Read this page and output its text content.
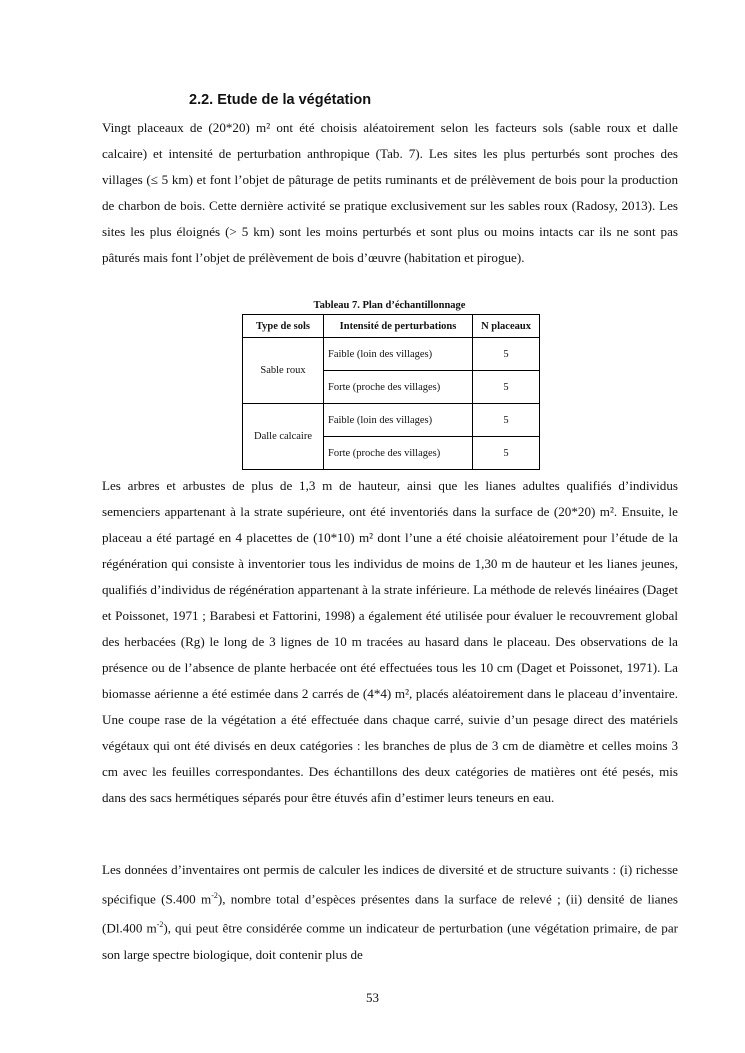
2.2. Etude de la végétation

Vingt placeaux de (20*20) m² ont été choisis aléatoirement selon les facteurs sols (sable roux et dalle calcaire) et intensité de perturbation anthropique (Tab. 7). Les sites les plus perturbés sont proches des villages (≤ 5 km) et font l’objet de pâturage de petits ruminants et de prélèvement de bois pour la production de charbon de bois. Cette dernière activité se pratique exclusivement sur les sables roux (Radosy, 2013). Les sites les plus éloignés (> 5 km) sont les moins perturbés et sont plus ou moins intacts car ils ne sont pas pâturés mais font l’objet de prélèvement de bois d’œuvre (habitation et pirogue).

Tableau 7. Plan d’échantillonnage
Type de sols	Intensité de perturbations	N placeaux
Sable roux	Faible (loin des villages)	5
	Forte (proche des villages)	5
Dalle calcaire	Faible (loin des villages)	5
	Forte (proche des villages)	5

Les arbres et arbustes de plus de 1,3 m de hauteur, ainsi que les lianes adultes qualifiés d’individus semenciers appartenant à la strate supérieure, ont été inventoriés dans la surface de (20*20) m². Ensuite, le placeau a été partagé en 4 placettes de (10*10) m² dont l’une a été choisie aléatoirement pour l’étude de la régénération qui consiste à inventorier tous les individus de moins de 1,30 m de hauteur et les lianes jeunes, qualifiés d’individus de régénération appartenant à la strate inférieure. La méthode de relevés linéaires (Daget et Poissonet, 1971 ; Barabesi et Fattorini, 1998) a également été utilisée pour évaluer le recouvrement global des herbacées (Rg) le long de 3 lignes de 10 m tracées au hasard dans le placeau. Des observations de la présence ou de l’absence de plante herbacée ont été effectuées tous les 10 cm (Daget et Poissonet, 1971). La biomasse aérienne a été estimée dans 2 carrés de (4*4) m², placés aléatoirement dans le placeau d’inventaire. Une coupe rase de la végétation a été effectuée dans chaque carré, suivie d’un pesage direct des matériels végétaux qui ont été divisés en deux catégories : les branches de plus de 3 cm de diamètre et celles moins 3 cm avec les feuilles correspondantes. Des échantillons des deux catégories de matières ont été pesés, mis dans des sacs hermétiques séparés pour être étuvés afin d’estimer leurs teneurs en eau.

Les données d’inventaires ont permis de calculer les indices de diversité et de structure suivants : (i) richesse spécifique (S.400 $m^{-2}$), nombre total d’espèces présentes dans la surface de relevé ; (ii) densité de lianes (Dl.400 $m^{-2}$), qui peut être considérée comme un indicateur de perturbation (une végétation primaire, de par son large spectre biologique, doit contenir plus de

53
